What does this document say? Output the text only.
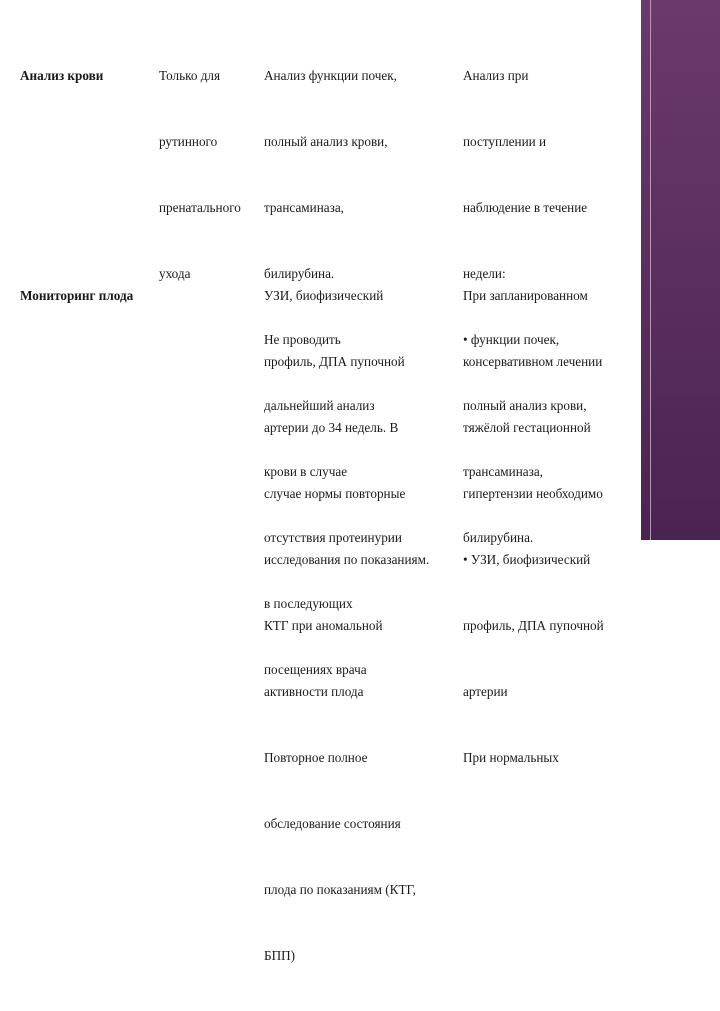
Анализ крови

	Только для

рутинного

пренатального

ухода

Анализ функции почек,

полный анализ крови,

трансаминаза,

билирубина.

Не проводить

дальнейший анализ

крови в случае

отсутствия протеинурии

в последующих

посещениях врача

Анализ при

поступлении и

наблюдение в течение

недели:

• функции почек,

полный анализ крови,

трансаминаза,

билирубина.

Мониторинг плода

	УЗИ, биофизический

профиль, ДПА пупочной

артерии до 34 недель. В

случае нормы повторные

исследования по показаниям.

КТГ при аномальной

активности плода

Повторное полное

обследование состояния

плода по показаниям (КТГ,

БПП)

При запланированном

консервативном лечении

тяжёлой гестационной

гипертензии необходимо

• УЗИ, биофизический

профиль, ДПА пупочной

артерии

При нормальных
